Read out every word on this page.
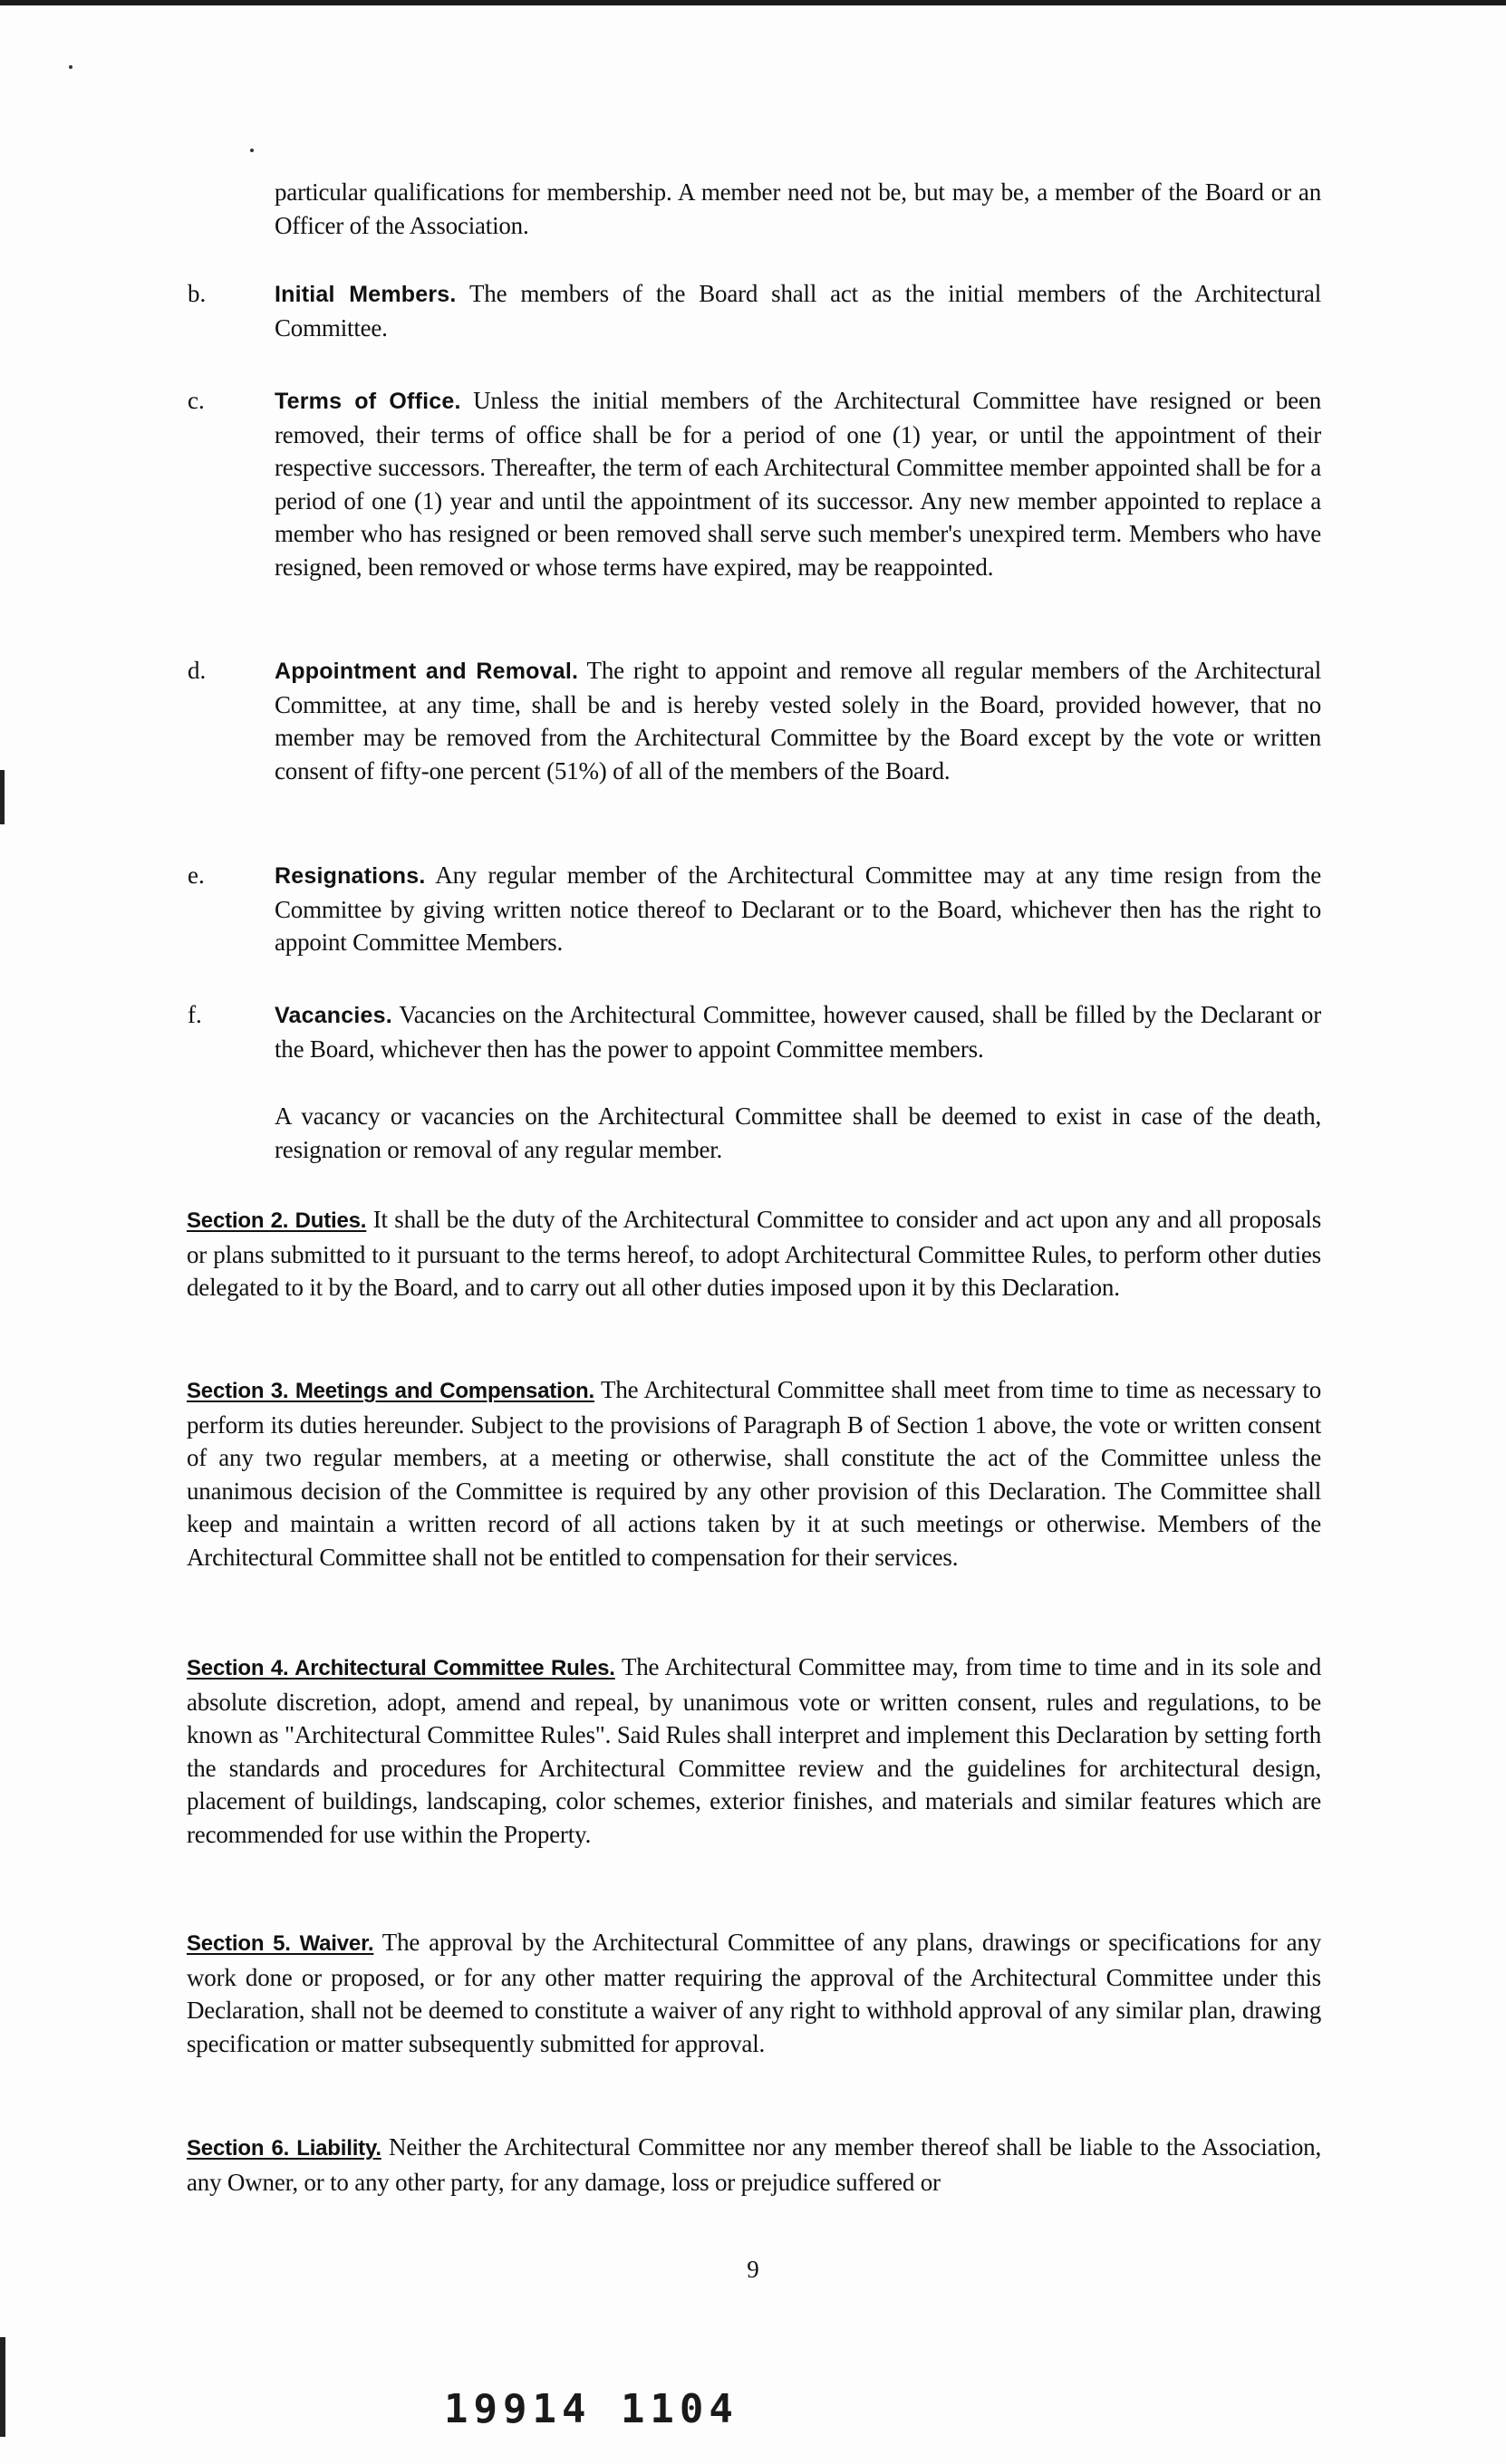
particular qualifications for membership. A member need not be, but may be, a member of the Board or an Officer of the Association.

b.	Initial Members. The members of the Board shall act as the initial members of the Architectural Committee.

c.	Terms of Office. Unless the initial members of the Architectural Committee have resigned or been removed, their terms of office shall be for a period of one (1) year, or until the appointment of their respective successors. Thereafter, the term of each Architectural Committee member appointed shall be for a period of one (1) year and until the appointment of its successor. Any new member appointed to replace a member who has resigned or been removed shall serve such member's unexpired term. Members who have resigned, been removed or whose terms have expired, may be reappointed.

d.	Appointment and Removal. The right to appoint and remove all regular members of the Architectural Committee, at any time, shall be and is hereby vested solely in the Board, provided however, that no member may be removed from the Architectural Committee by the Board except by the vote or written consent of fifty-one percent (51%) of all of the members of the Board.

e.	Resignations. Any regular member of the Architectural Committee may at any time resign from the Committee by giving written notice thereof to Declarant or to the Board, whichever then has the right to appoint Committee Members.

f.	Vacancies. Vacancies on the Architectural Committee, however caused, shall be filled by the Declarant or the Board, whichever then has the power to appoint Committee members.

A vacancy or vacancies on the Architectural Committee shall be deemed to exist in case of the death, resignation or removal of any regular member.

Section 2. Duties. It shall be the duty of the Architectural Committee to consider and act upon any and all proposals or plans submitted to it pursuant to the terms hereof, to adopt Architectural Committee Rules, to perform other duties delegated to it by the Board, and to carry out all other duties imposed upon it by this Declaration.

Section 3. Meetings and Compensation. The Architectural Committee shall meet from time to time as necessary to perform its duties hereunder. Subject to the provisions of Paragraph B of Section 1 above, the vote or written consent of any two regular members, at a meeting or otherwise, shall constitute the act of the Committee unless the unanimous decision of the Committee is required by any other provision of this Declaration. The Committee shall keep and maintain a written record of all actions taken by it at such meetings or otherwise. Members of the Architectural Committee shall not be entitled to compensation for their services.

Section 4. Architectural Committee Rules. The Architectural Committee may, from time to time and in its sole and absolute discretion, adopt, amend and repeal, by unanimous vote or written consent, rules and regulations, to be known as "Architectural Committee Rules". Said Rules shall interpret and implement this Declaration by setting forth the standards and procedures for Architectural Committee review and the guidelines for architectural design, placement of buildings, landscaping, color schemes, exterior finishes, and materials and similar features which are recommended for use within the Property.

Section 5. Waiver. The approval by the Architectural Committee of any plans, drawings or specifications for any work done or proposed, or for any other matter requiring the approval of the Architectural Committee under this Declaration, shall not be deemed to constitute a waiver of any right to withhold approval of any similar plan, drawing specification or matter subsequently submitted for approval.

Section 6. Liability. Neither the Architectural Committee nor any member thereof shall be liable to the Association, any Owner, or to any other party, for any damage, loss or prejudice suffered or

9
19914 1104
